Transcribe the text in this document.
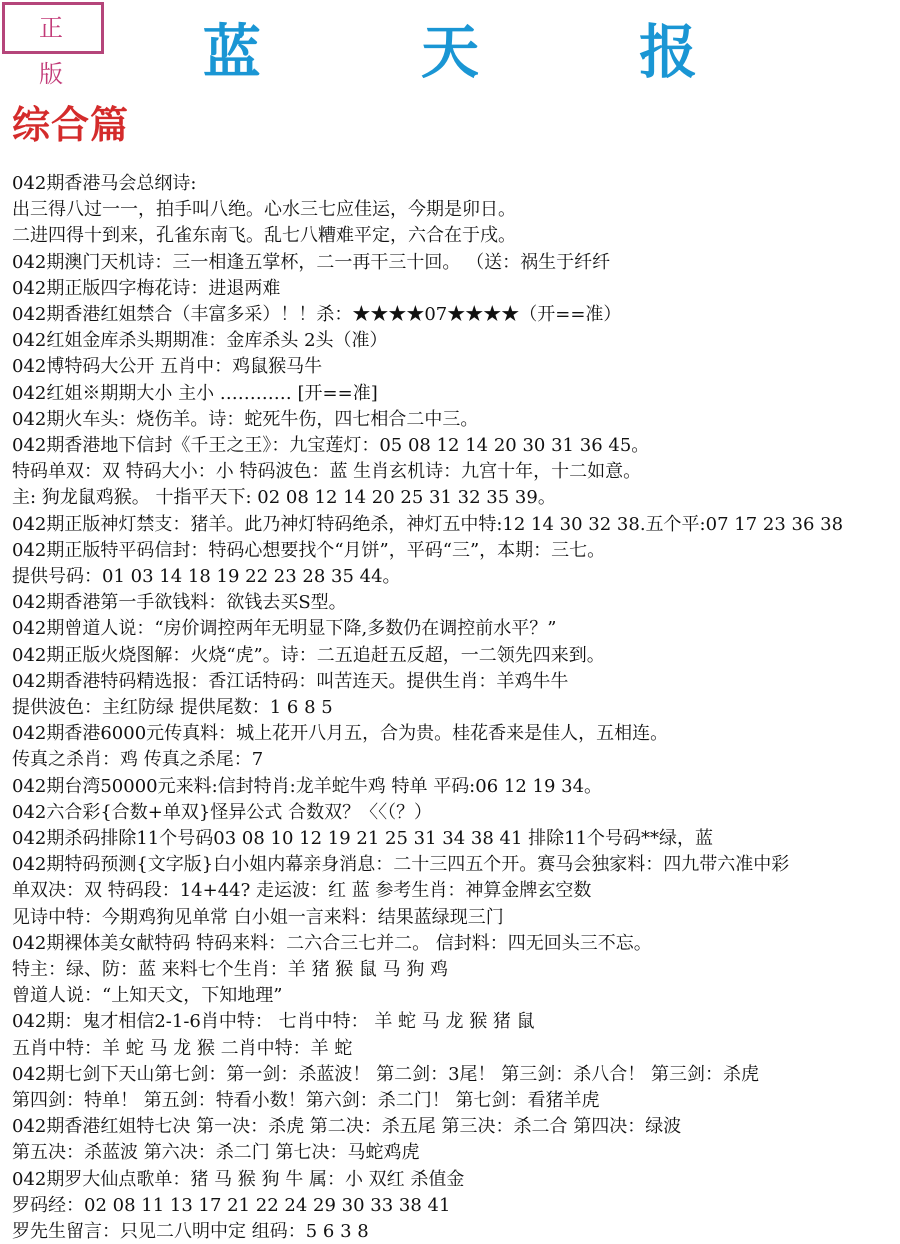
正 版	蓝 天 报
综合篇
042期香港马会总纲诗:
出三得八过一一，拍手叫八绝。心水三七应佳运，今期是卯日。
二进四得十到来，孔雀东南飞。乱七八糟难平定，六合在于戌。
042期澳门天机诗：三一相逢五掌杯，二一再干三十回。 （送：祸生于纤纤
042期正版四字梅花诗：进退两难
042期香港红姐禁合（丰富多采）！！杀：★★★★07★★★★（开==准）
042红姐金库杀头期期准：金库杀头 2头（准）
042博特码大公开 五肖中：鸡鼠猴马牛
042红姐※期期大小 主小 ………… [开==准]
042期火车头：烧伤羊。诗：蛇死牛伤，四七相合二中三。
042期香港地下信封《千王之王》：九宝莲灯：05 08 12 14 20 30 31 36 45。
特码单双：双 特码大小：小 特码波色：蓝 生肖玄机诗：九宫十年，十二如意。
主: 狗龙鼠鸡猴。 十指平天下: 02 08 12 14 20 25 31 32 35 39。
042期正版神灯禁支：猪羊。此乃神灯特码绝杀，神灯五中特:12 14 30 32 38.五个平:07 17 23 36 38
042期正版特平码信封：特码心想要找个“月饼”，平码“三”，本期：三七。
提供号码：01 03 14 18 19 22 23 28 35 44。
042期香港第一手欲钱料：欲钱去买S型。
042期曾道人说：“房价调控两年无明显下降,多数仍在调控前水平？”
042期正版火烧图解：火烧“虎”。诗：二五追赶五反超，一二领先四来到。
042期香港特码精选报：香江话特码：叫苦连天。提供生肖：羊鸡牛牛
提供波色：主红防绿 提供尾数：1 6 8 5
042期香港6000元传真料：城上花开八月五，合为贵。桂花香来是佳人，五相连。
传真之杀肖：鸡 传真之杀尾：7
042期台湾50000元来料:信封特肖:龙羊蛇牛鸡 特单 平码:06 12 19 34。
042六合彩{合数+单双}怪异公式 合数双？〈〈（？）
042期杀码排除11个号码03 08 10 12 19 21 25 31 34 38 41 排除11个号码**绿，蓝
042期特码预测{文字版}白小姐内幕亲身消息：二十三四五个开。赛马会独家料：四九带六准中彩
单双决：双 特码段：14+44? 走运波：红 蓝 参考生肖：神算金牌玄空数
见诗中特：今期鸡狗见单常 白小姐一言来料：结果蓝绿现三门
042期裸体美女献特码 特码来料：二六合三七并二。 信封料：四无回头三不忘。
特主：绿、防：蓝 来料七个生肖：羊 猪 猴 鼠 马 狗 鸡
曾道人说：“上知天文，下知地理”
042期：鬼才相信2-1-6肖中特： 七肖中特： 羊 蛇 马 龙 猴 猪 鼠
五肖中特：羊 蛇 马 龙 猴 二肖中特：羊 蛇
042期七剑下天山第七剑：第一剑：杀蓝波！ 第二剑：3尾！ 第三剑：杀八合！ 第三剑：杀虎
第四剑：特单！ 第五剑：特看小数！第六剑：杀二门！ 第七剑：看猪羊虎
042期香港红姐特七决 第一决：杀虎 第二决：杀五尾 第三决：杀二合 第四决：绿波
第五决：杀蓝波 第六决：杀二门 第七决：马蛇鸡虎
042期罗大仙点歌单：猪 马 猴 狗 牛 属：小 双红 杀值金
罗码经：02 08 11 13 17 21 22 24 29 30 33 38 41
罗先生留言：只见二八明中定 组码：5 6 3 8
